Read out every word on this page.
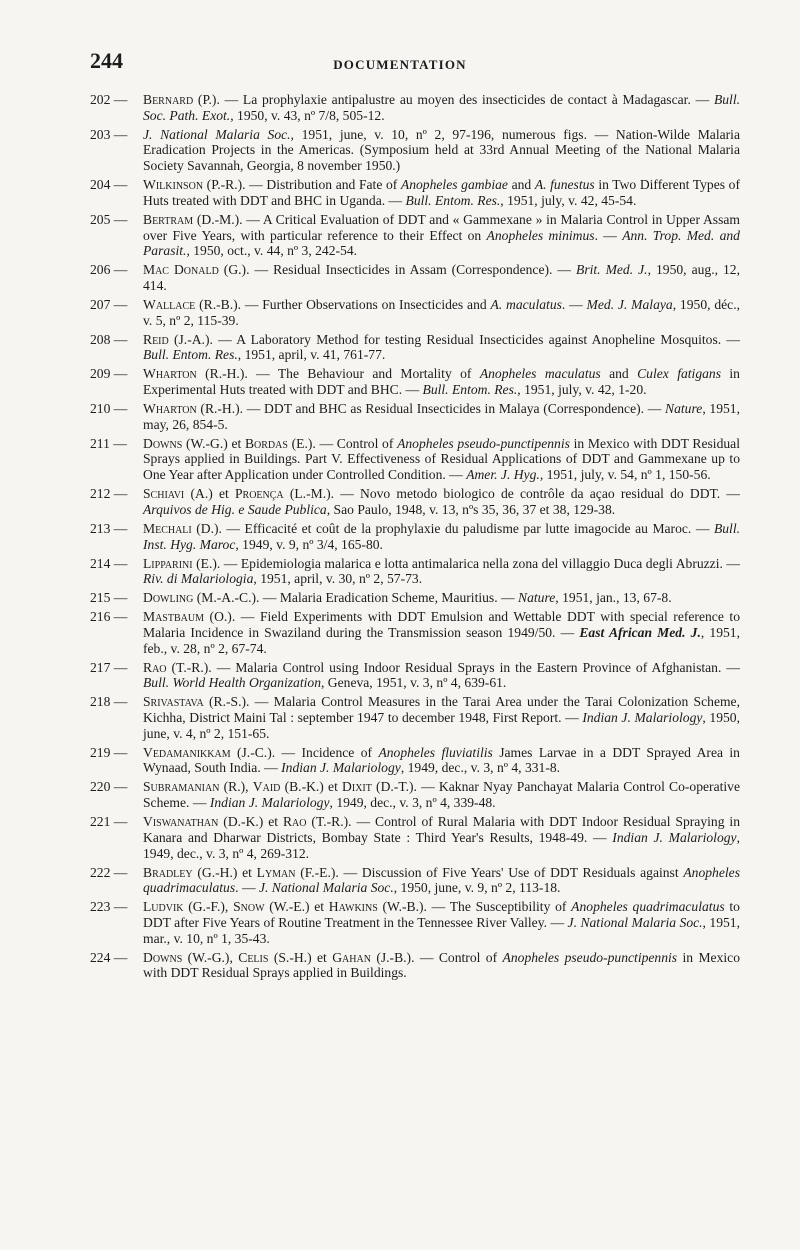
244	DOCUMENTATION
202 — Bernard (P.). — La prophylaxie antipalustre au moyen des insecticides de contact à Madagascar. — Bull. Soc. Path. Exot., 1950, v. 43, nº 7/8, 505-12.
203 — J. National Malaria Soc., 1951, june, v. 10, nº 2, 97-196, numerous figs. — Nation-Wilde Malaria Eradication Projects in the Americas. (Symposium held at 33rd Annual Meeting of the National Malaria Society Savannah, Georgia, 8 november 1950.)
204 — Wilkinson (P.-R.). — Distribution and Fate of Anopheles gambiae and A. funestus in Two Different Types of Huts treated with DDT and BHC in Uganda. — Bull. Entom. Res., 1951, july, v. 42, 45-54.
205 — Bertram (D.-M.). — A Critical Evaluation of DDT and « Gammexane » in Malaria Control in Upper Assam over Five Years, with particular reference to their Effect on Anopheles minimus. — Ann. Trop. Med. and Parasit., 1950, oct., v. 44, nº 3, 242-54.
206 — Mac Donald (G.). — Residual Insecticides in Assam (Correspondence). — Brit. Med. J., 1950, aug., 12, 414.
207 — Wallace (R.-B.). — Further Observations on Insecticides and A. maculatus. — Med. J. Malaya, 1950, déc., v. 5, nº 2, 115-39.
208 — Reid (J.-A.). — A Laboratory Method for testing Residual Insecticides against Anopheline Mosquitos. — Bull. Entom. Res., 1951, april, v. 41, 761-77.
209 — Wharton (R.-H.). — The Behaviour and Mortality of Anopheles maculatus and Culex fatigans in Experimental Huts treated with DDT and BHC. — Bull. Entom. Res., 1951, july, v. 42, 1-20.
210 — Wharton (R.-H.). — DDT and BHC as Residual Insecticides in Malaya (Correspondence). — Nature, 1951, may, 26, 854-5.
211 — Downs (W.-G.) et Bordas (E.). — Control of Anopheles pseudo-punctipennis in Mexico with DDT Residual Sprays applied in Buildings. Part V. Effectiveness of Residual Applications of DDT and Gammexane up to One Year after Application under Controlled Condition. — Amer. J. Hyg., 1951, july, v. 54, nº 1, 150-56.
212 — Schiavi (A.) et Proença (L.-M.). — Novo metodo biologico de contrôle da açao residual do DDT. — Arquivos de Hig. e Saude Publica, Sao Paulo, 1948, v. 13, nºs 35, 36, 37 et 38, 129-38.
213 — Mechali (D.). — Efficacité et coût de la prophylaxie du paludisme par lutte imagocide au Maroc. — Bull. Inst. Hyg. Maroc, 1949, v. 9, nº 3/4, 165-80.
214 — Lipparini (E.). — Epidemiologia malarica e lotta antimalarica nella zona del villaggio Duca degli Abruzzi. — Riv. di Malariologia, 1951, april, v. 30, nº 2, 57-73.
215 — Dowling (M.-A.-C.). — Malaria Eradication Scheme, Mauritius. — Nature, 1951, jan., 13, 67-8.
216 — Mastbaum (O.). — Field Experiments with DDT Emulsion and Wettable DDT with special reference to Malaria Incidence in Swaziland during the Transmission season 1949/50. — East African Med. J., 1951, feb., v. 28, nº 2, 67-74.
217 — Rao (T.-R.). — Malaria Control using Indoor Residual Sprays in the Eastern Province of Afghanistan. — Bull. World Health Organization, Geneva, 1951, v. 3, nº 4, 639-61.
218 — Srivastava (R.-S.). — Malaria Control Measures in the Tarai Area under the Tarai Colonization Scheme, Kichha, District Maini Tal : september 1947 to december 1948, First Report. — Indian J. Malariology, 1950, june, v. 4, nº 2, 151-65.
219 — Vedamanikkam (J.-C.). — Incidence of Anopheles fluviatilis James Larvae in a DDT Sprayed Area in Wynaad, South India. — Indian J. Malariology, 1949, dec., v. 3, nº 4, 331-8.
220 — Subramanian (R.), Vaid (B.-K.) et Dixit (D.-T.). — Kaknar Nyay Panchayat Malaria Control Co-operative Scheme. — Indian J. Malariology, 1949, dec., v. 3, nº 4, 339-48.
221 — Viswanathan (D.-K.) et Rao (T.-R.). — Control of Rural Malaria with DDT Indoor Residual Spraying in Kanara and Dharwar Districts, Bombay State : Third Year's Results, 1948-49. — Indian J. Malariology, 1949, dec., v. 3, nº 4, 269-312.
222 — Bradley (G.-H.) et Lyman (F.-E.). — Discussion of Five Years' Use of DDT Residuals against Anopheles quadrimaculatus. — J. National Malaria Soc., 1950, june, v. 9, nº 2, 113-18.
223 — Ludvik (G.-F.), Snow (W.-E.) et Hawkins (W.-B.). — The Susceptibility of Anopheles quadrimaculatus to DDT after Five Years of Routine Treatment in the Tennessee River Valley. — J. National Malaria Soc., 1951, mar., v. 10, nº 1, 35-43.
224 — Downs (W.-G.), Celis (S.-H.) et Gahan (J.-B.). — Control of Anopheles pseudo-punctipennis in Mexico with DDT Residual Sprays applied in Buildings.
